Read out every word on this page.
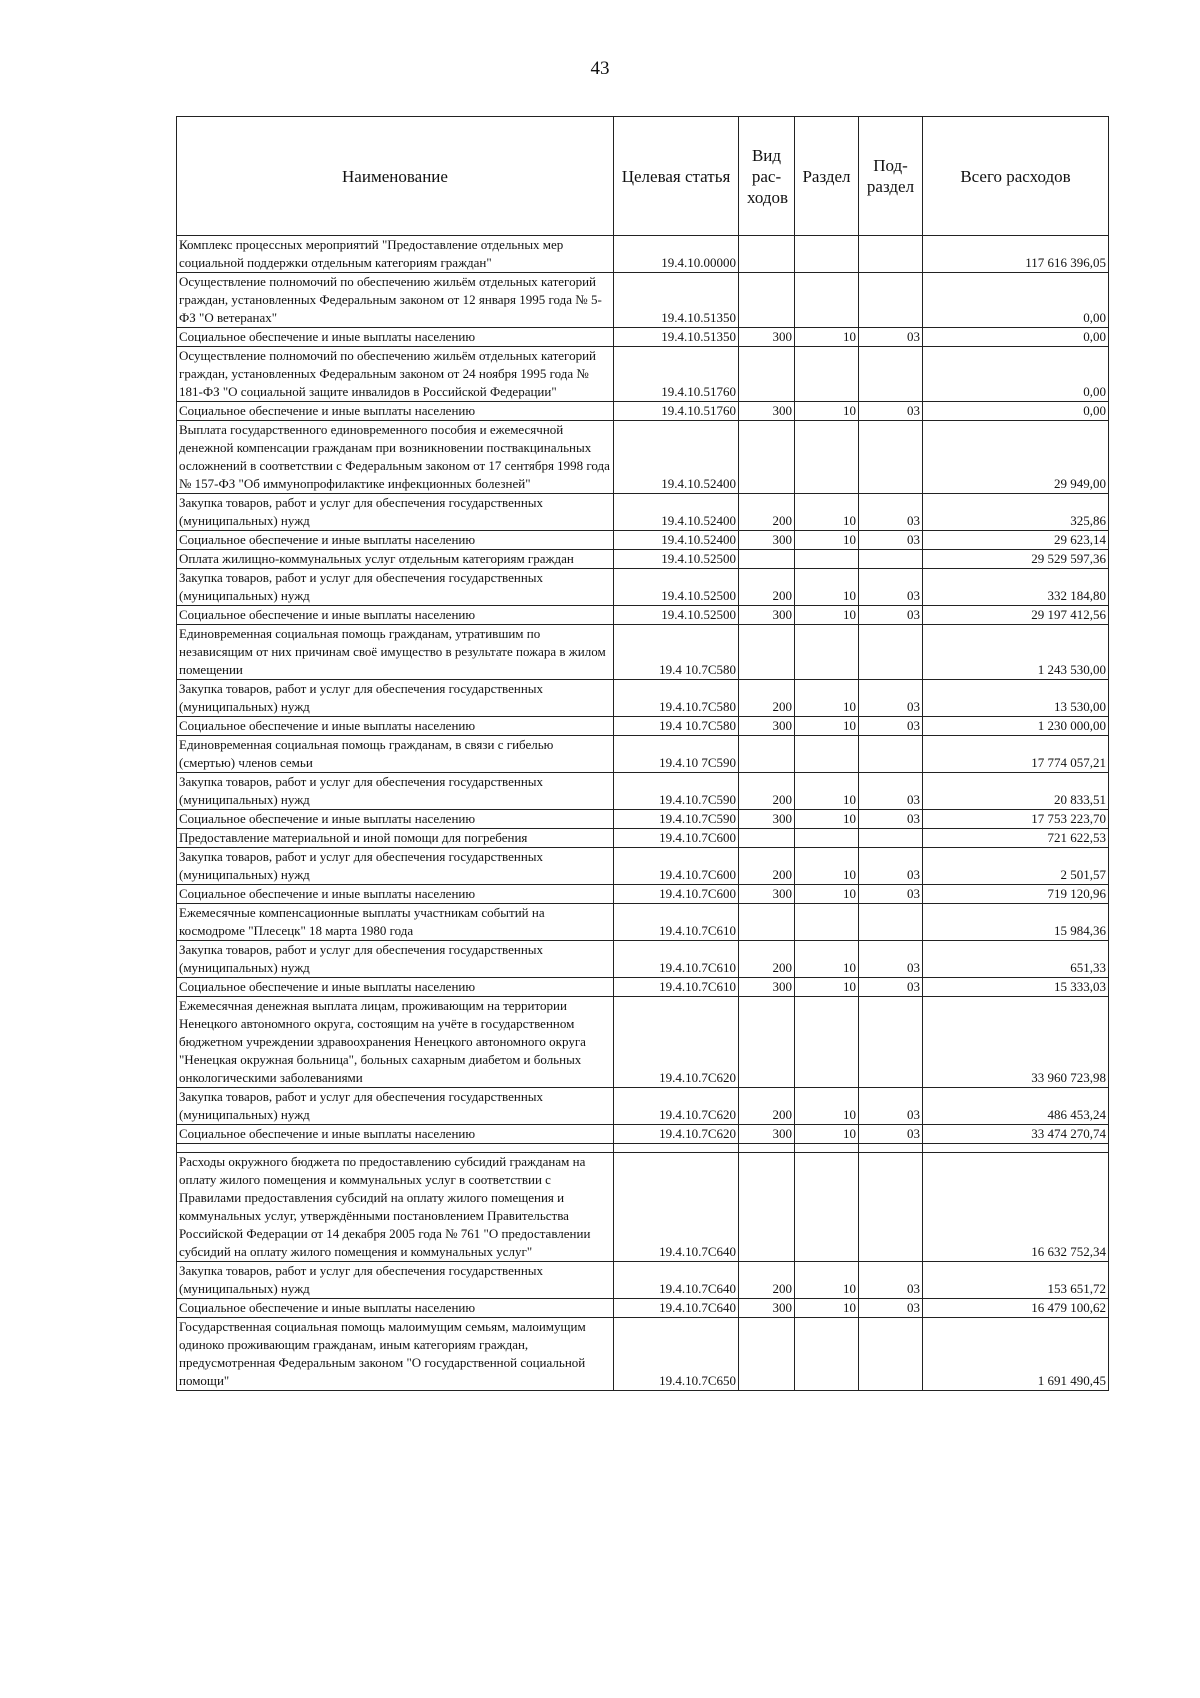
43
Наименование	Целевая статья	Вид рас- ходов	Раздел	Под- раздел	Всего расходов
Комплекс процессных мероприятий "Предоставление отдельных мер социальной поддержки отдельным категориям граждан"	19.4.10.00000				117 616 396,05
Осуществление полномочий по обеспечению жильём отдельных категорий граждан, установленных Федеральным законом от 12 января 1995 года № 5-ФЗ "О ветеранах"	19.4.10.51350				0,00
Социальное обеспечение и иные выплаты населению	19.4.10.51350	300	10	03	0,00
Осуществление полномочий по обеспечению жильём отдельных категорий граждан, установленных Федеральным законом от 24 ноября 1995 года № 181-ФЗ "О социальной защите инвалидов в Российской Федерации"	19.4.10.51760				0,00
Социальное обеспечение и иные выплаты населению	19.4.10.51760	300	10	03	0,00
Выплата государственного единовременного пособия и ежемесячной денежной компенсации гражданам при возникновении поствакцинальных осложнений в соответствии с Федеральным законом от 17 сентября 1998 года № 157-ФЗ "Об иммунопрофилактике инфекционных болезней"	19.4.10.52400				29 949,00
Закупка товаров, работ и услуг для обеспечения государственных (муниципальных) нужд	19.4.10.52400	200	10	03	325,86
Социальное обеспечение и иные выплаты населению	19.4.10.52400	300	10	03	29 623,14
Оплата жилищно-коммунальных услуг отдельным категориям граждан	19.4.10.52500				29 529 597,36
Закупка товаров, работ и услуг для обеспечения государственных (муниципальных) нужд	19.4.10.52500	200	10	03	332 184,80
Социальное обеспечение и иные выплаты населению	19.4.10.52500	300	10	03	29 197 412,56
Единовременная социальная помощь гражданам, утратившим по независящим от них причинам своё имущество в результате пожара в жилом помещении	19.4 10.7C580				1 243 530,00
Закупка товаров, работ и услуг для обеспечения государственных (муниципальных) нужд	19.4.10.7C580	200	10	03	13 530,00
Социальное обеспечение и иные выплаты населению	19.4 10.7C580	300	10	03	1 230 000,00
Единовременная социальная помощь гражданам, в связи с гибелью (смертью) членов семьи	19.4.10 7C590				17 774 057,21
Закупка товаров, работ и услуг для обеспечения государственных (муниципальных) нужд	19.4.10.7C590	200	10	03	20 833,51
Социальное обеспечение и иные выплаты населению	19.4.10.7C590	300	10	03	17 753 223,70
Предоставление материальной и иной помощи для погребения	19.4.10.7C600				721 622,53
Закупка товаров, работ и услуг для обеспечения государственных (муниципальных) нужд	19.4.10.7C600	200	10	03	2 501,57
Социальное обеспечение и иные выплаты населению	19.4.10.7C600	300	10	03	719 120,96
Ежемесячные компенсационные выплаты участникам событий на космодроме "Плесецк" 18 марта 1980 года	19.4.10.7C610				15 984,36
Закупка товаров, работ и услуг для обеспечения государственных (муниципальных) нужд	19.4.10.7C610	200	10	03	651,33
Социальное обеспечение и иные выплаты населению	19.4.10.7C610	300	10	03	15 333,03
Ежемесячная денежная выплата лицам, проживающим на территории Ненецкого автономного округа, состоящим на учёте в государственном бюджетном учреждении здравоохранения Ненецкого автономного округа "Ненецкая окружная больница", больных сахарным диабетом и больных онкологическими заболеваниями	19.4.10.7C620				33 960 723,98
Закупка товаров, работ и услуг для обеспечения государственных (муниципальных) нужд	19.4.10.7C620	200	10	03	486 453,24
Социальное обеспечение и иные выплаты населению	19.4.10.7C620	300	10	03	33 474 270,74

Расходы окружного бюджета по предоставлению субсидий гражданам на оплату жилого помещения и коммунальных услуг в соответствии с Правилами предоставления субсидий на оплату жилого помещения и коммунальных услуг, утверждёнными постановлением Правительства Российской Федерации от 14 декабря 2005 года № 761 "О предоставлении субсидий на оплату жилого помещения и коммунальных услуг"	19.4.10.7C640				16 632 752,34
Закупка товаров, работ и услуг для обеспечения государственных (муниципальных) нужд	19.4.10.7C640	200	10	03	153 651,72
Социальное обеспечение и иные выплаты населению	19.4.10.7C640	300	10	03	16 479 100,62
Государственная социальная помощь малоимущим семьям, малоимущим одиноко проживающим гражданам, иным категориям граждан, предусмотренная Федеральным законом "О государственной социальной помощи"	19.4.10.7C650				1 691 490,45
